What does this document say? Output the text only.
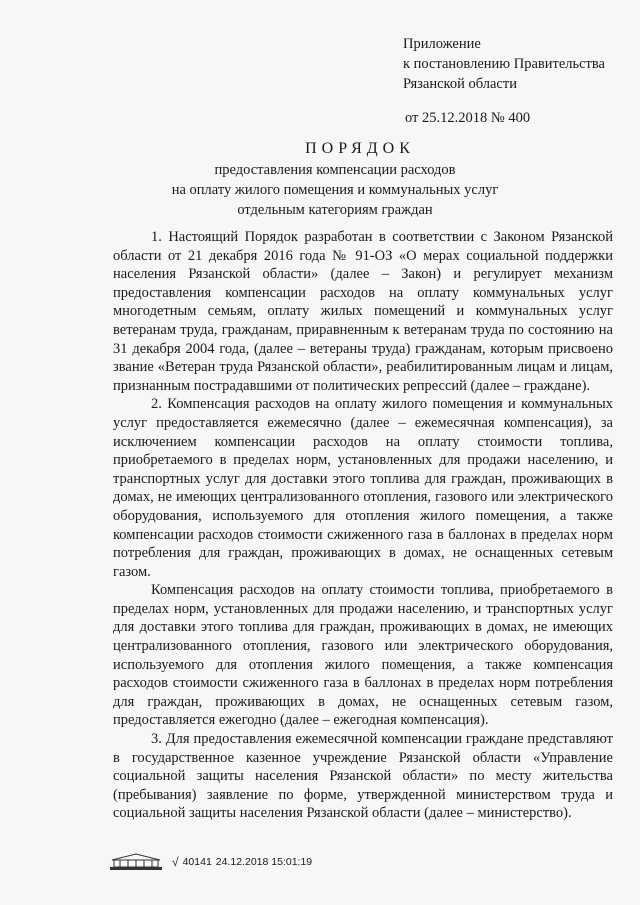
Приложение
к постановлению Правительства
Рязанской области
от 25.12.2018 № 400
ПОРЯДОК
предоставления компенсации расходов
на оплату жилого помещения и коммунальных услуг
отдельным категориям граждан

1. Настоящий Порядок разработан в соответствии с Законом Рязанской области от 21 декабря 2016 года № 91-ОЗ «О мерах социальной поддержки населения Рязанской области» (далее – Закон) и регулирует механизм предоставления компенсации расходов на оплату коммунальных услуг многодетным семьям, оплату жилых помещений и коммунальных услуг ветеранам труда, гражданам, приравненным к ветеранам труда по состоянию на 31 декабря 2004 года, (далее – ветераны труда) гражданам, которым присвоено звание «Ветеран труда Рязанской области», реабилитированным лицам и лицам, признанным пострадавшими от политических репрессий (далее – граждане).

2. Компенсация расходов на оплату жилого помещения и коммунальных услуг предоставляется ежемесячно (далее – ежемесячная компенсация), за исключением компенсации расходов на оплату стоимости топлива, приобретаемого в пределах норм, установленных для продажи населению, и транспортных услуг для доставки этого топлива для граждан, проживающих в домах, не имеющих централизованного отопления, газового или электрического оборудования, используемого для отопления жилого помещения, а также компенсации расходов стоимости сжиженного газа в баллонах в пределах норм потребления для граждан, проживающих в домах, не оснащенных сетевым газом.

Компенсация расходов на оплату стоимости топлива, приобретаемого в пределах норм, установленных для продажи населению, и транспортных услуг для доставки этого топлива для граждан, проживающих в домах, не имеющих централизованного отопления, газового или электрического оборудования, используемого для отопления жилого помещения, а также компенсация расходов стоимости сжиженного газа в баллонах в пределах норм потребления для граждан, проживающих в домах, не оснащенных сетевым газом, предоставляется ежегодно (далее – ежегодная компенсация).

3. Для предоставления ежемесячной компенсации граждане представляют в государственное казенное учреждение Рязанской области «Управление социальной защиты населения Рязанской области» по месту жительства (пребывания) заявление по форме, утвержденной министерством труда и социальной защиты населения Рязанской области (далее – министерство).

√ 40141 24.12.2018 15:01:19
